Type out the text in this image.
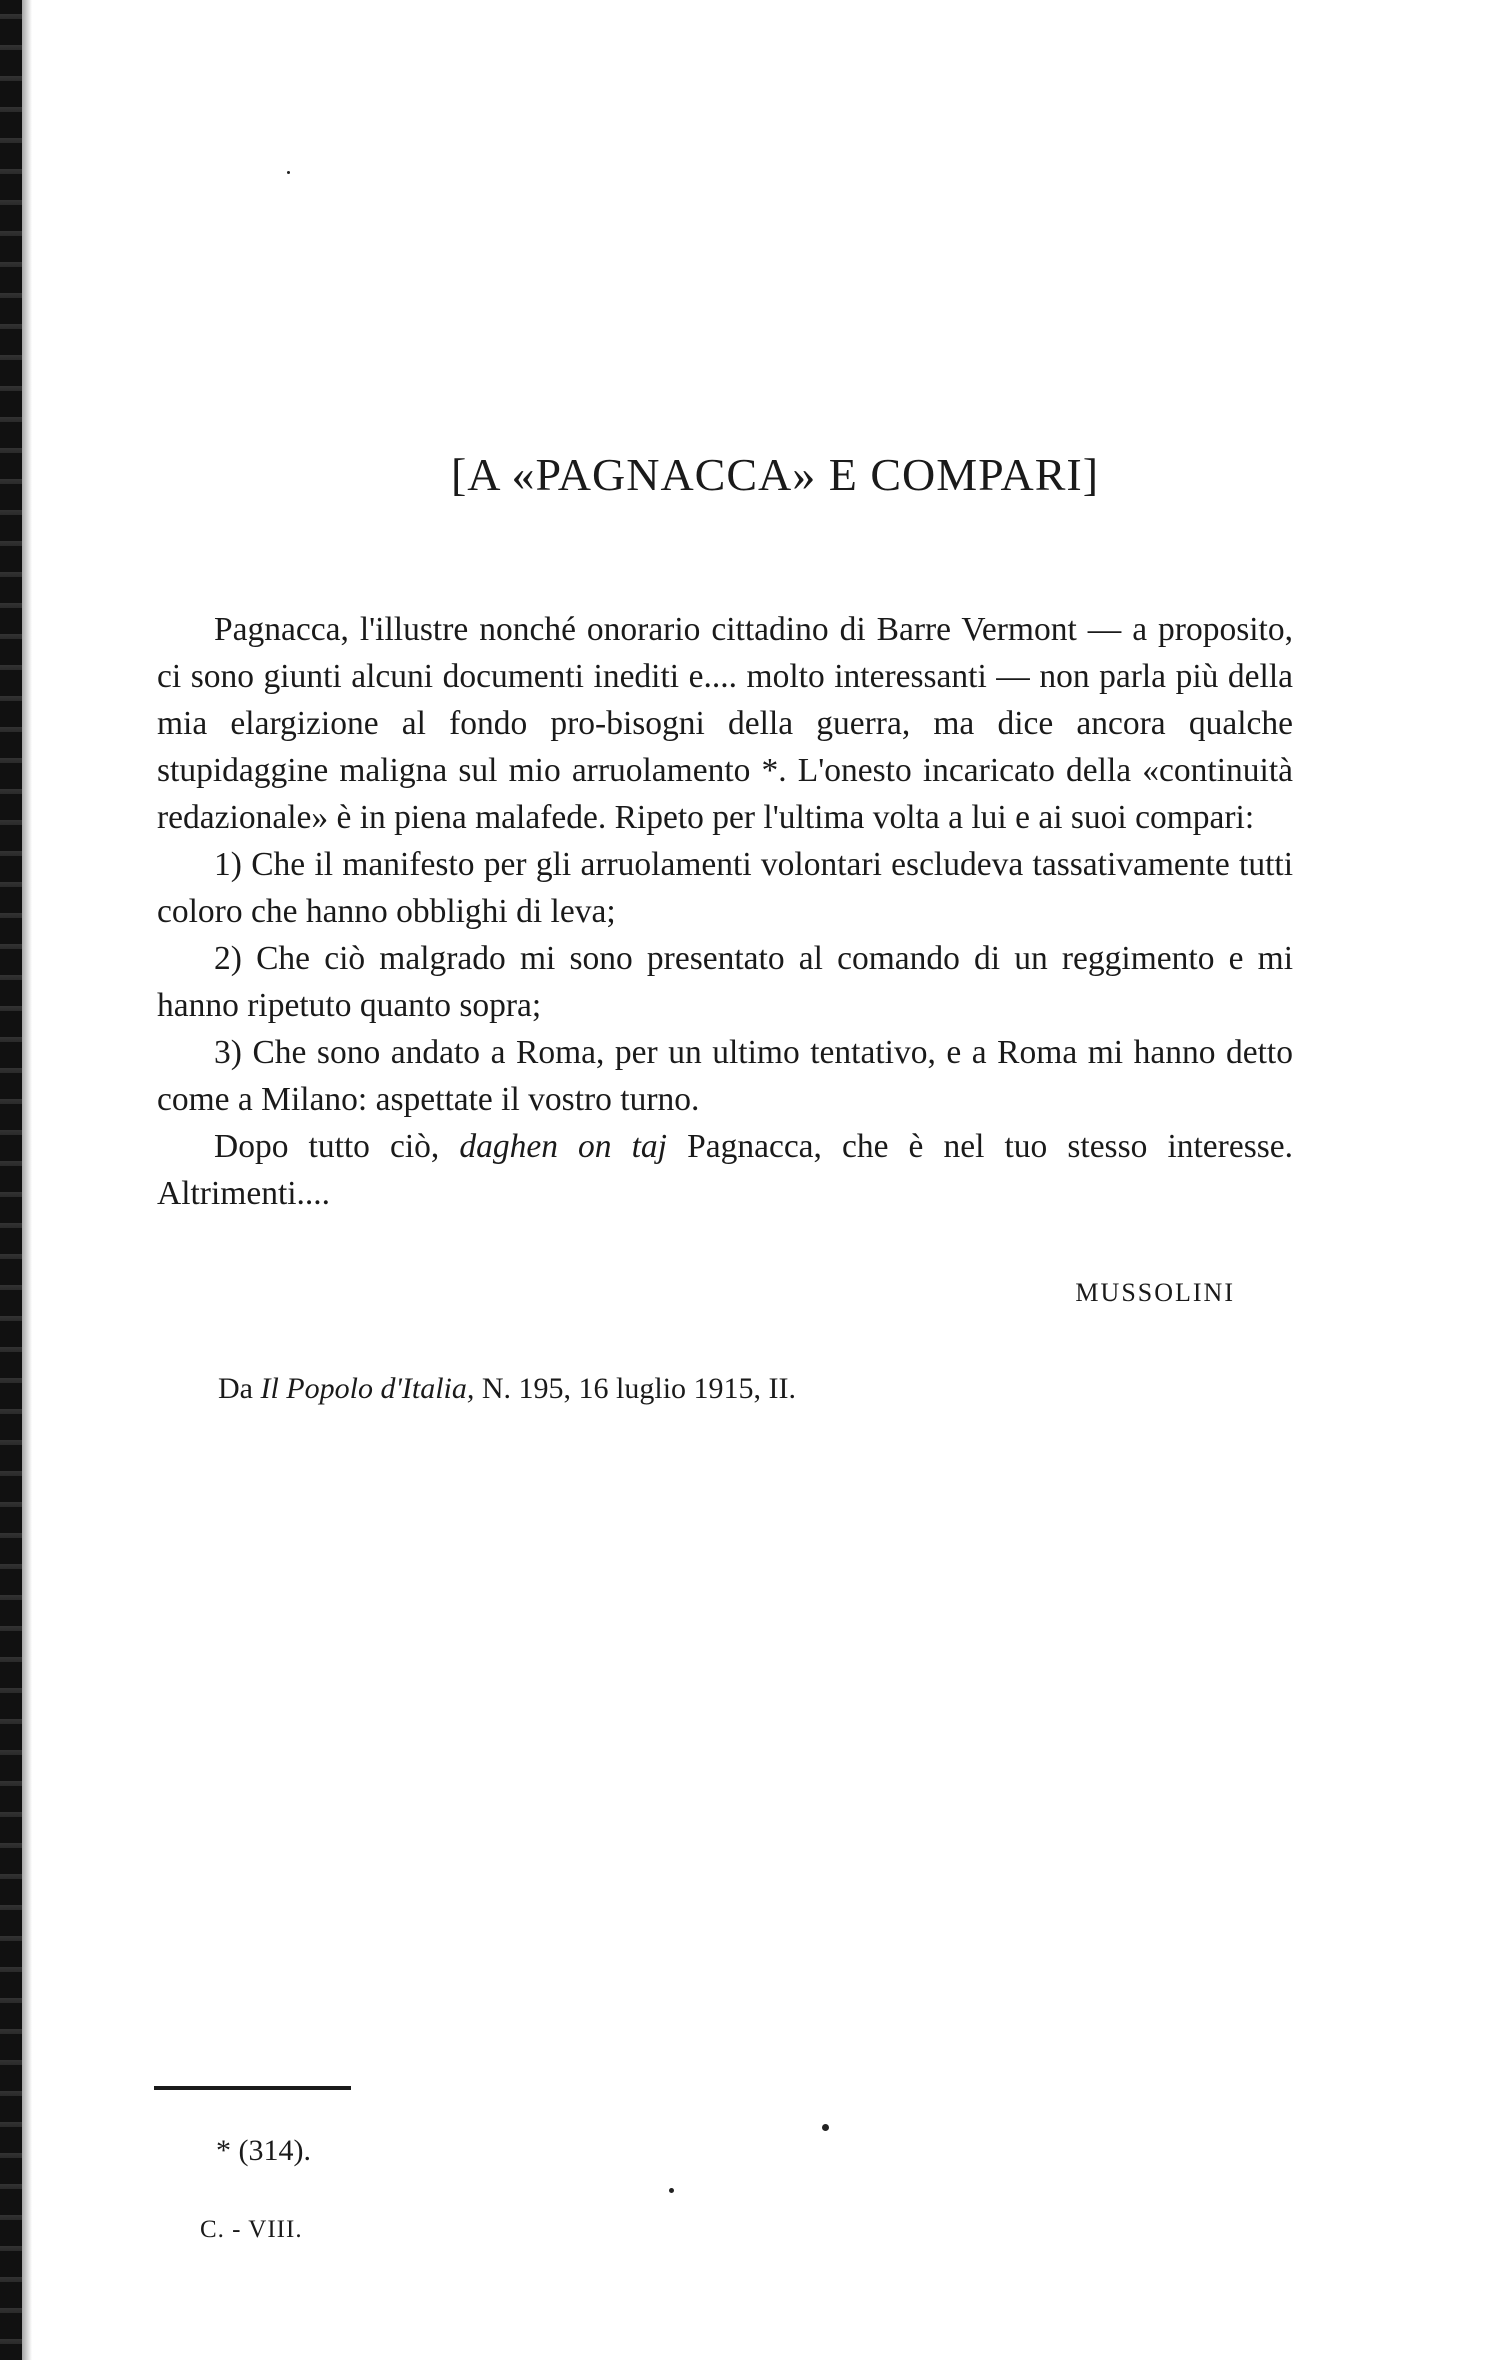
[A «PAGNACCA» E COMPARI]

Pagnacca, l'illustre nonché onorario cittadino di Barre Vermont — a proposito, ci sono giunti alcuni documenti inediti e.... molto interessanti — non parla più della mia elargizione al fondo pro-bisogni della guerra, ma dice ancora qualche stupidaggine maligna sul mio arruolamento *. L'onesto incaricato della «continuità redazionale» è in piena malafede. Ripeto per l'ultima volta a lui e ai suoi compari:

1) Che il manifesto per gli arruolamenti volontari escludeva tassativamente tutti coloro che hanno obblighi di leva;

2) Che ciò malgrado mi sono presentato al comando di un reggimento e mi hanno ripetuto quanto sopra;

3) Che sono andato a Roma, per un ultimo tentativo, e a Roma mi hanno detto come a Milano: aspettate il vostro turno.

Dopo tutto ciò, daghen on taj Pagnacca, che è nel tuo stesso interesse. Altrimenti....

MUSSOLINI
Da Il Popolo d'Italia, N. 195, 16 luglio 1915, II.
* (314).
C. - VIII.
